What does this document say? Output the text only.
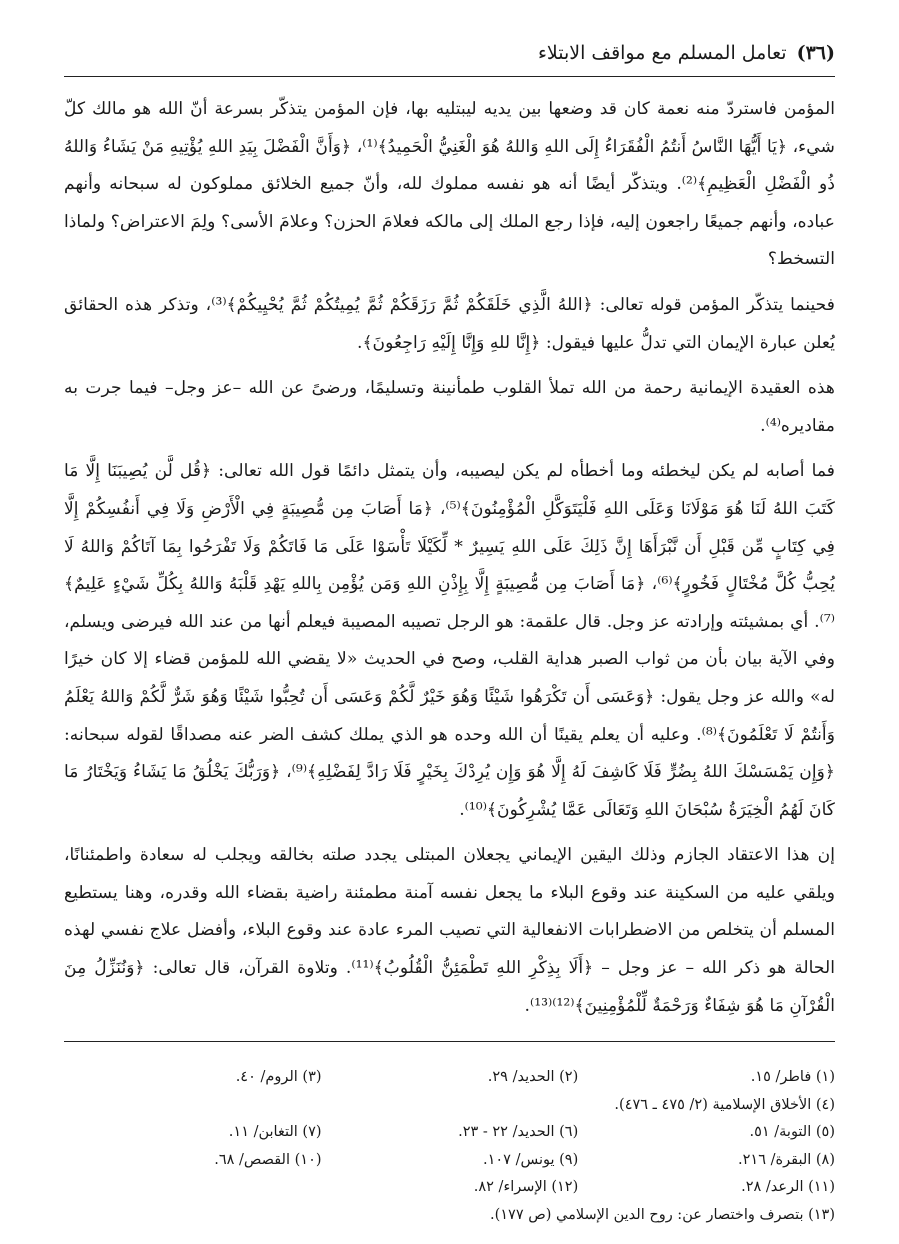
(٣٦)
تعامل المسلم مع مواقف الابتلاء

المؤمن فاستردّ منه نعمة كان قد وضعها بين يديه ليبتليه بها، فإن المؤمن يتذكّر بسرعة أنّ الله هو مالك كلّ شيء، ﴿يَا أَيُّهَا النَّاسُ أَنتُمُ الْفُقَرَاءُ إِلَى اللهِ وَاللهُ هُوَ الْغَنِيُّ الْحَمِيدُ﴾⁽¹⁾، ﴿وَأَنَّ الْفَضْلَ بِيَدِ اللهِ يُؤْتِيهِ مَنْ يَشَاءُ وَاللهُ ذُو الْفَضْلِ الْعَظِيمِ﴾⁽²⁾. ويتذكّر أيضًا أنه هو نفسه مملوك لله، وأنّ جميع الخلائق مملوكون له سبحانه وأنهم عباده، وأنهم جميعًا راجعون إليه، فإذا رجع الملك إلى مالكه فعلامَ الحزن؟ وعلامَ الأسى؟ ولِمَ الاعتراض؟ ولماذا التسخط؟

فحينما يتذكّر المؤمن قوله تعالى: ﴿اللهُ الَّذِي خَلَقَكُمْ ثُمَّ رَزَقَكُمْ ثُمَّ يُمِيتُكُمْ ثُمَّ يُحْيِيكُمْ﴾⁽³⁾، وتذكر هذه الحقائق يُعلن عبارة الإيمان التي تدلُّ عليها فيقول: ﴿إِنَّا للهِ وَإِنَّا إِلَيْهِ رَاجِعُونَ﴾.

هذه العقيدة الإيمانية رحمة من الله تملأ القلوب طمأنينة وتسليمًا، ورضىً عن الله –عز وجل– فيما جرت به مقاديره⁽⁴⁾.

فما أصابه لم يكن ليخطئه وما أخطأه لم يكن ليصيبه، وأن يتمثل دائمًا قول الله تعالى: ﴿قُل لَّن يُصِيبَنَا إِلَّا مَا كَتَبَ اللهُ لَنَا هُوَ مَوْلَانَا وَعَلَى اللهِ فَلْيَتَوَكَّلِ الْمُؤْمِنُونَ﴾⁽⁵⁾، ﴿مَا أَصَابَ مِن مُّصِيبَةٍ فِي الْأَرْضِ وَلَا فِي أَنفُسِكُمْ إِلَّا فِي كِتَابٍ مِّن قَبْلِ أَن نَّبْرَأَهَا إِنَّ ذَلِكَ عَلَى اللهِ يَسِيرٌ * لِّكَيْلَا تَأْسَوْا عَلَى مَا فَاتَكُمْ وَلَا تَفْرَحُوا بِمَا آتَاكُمْ وَاللهُ لَا يُحِبُّ كُلَّ مُخْتَالٍ فَخُورٍ﴾⁽⁶⁾، ﴿مَا أَصَابَ مِن مُّصِيبَةٍ إِلَّا بِإِذْنِ اللهِ وَمَن يُؤْمِن بِاللهِ يَهْدِ قَلْبَهُ وَاللهُ بِكُلِّ شَيْءٍ عَلِيمٌ﴾⁽⁷⁾. أي بمشيئته وإرادته عز وجل. قال علقمة: هو الرجل تصيبه المصيبة فيعلم أنها من عند الله فيرضى ويسلم، وفي الآية بيان بأن من ثواب الصبر هداية القلب، وصح في الحديث «لا يقضي الله للمؤمن قضاء إلا كان خيرًا له» والله عز وجل يقول: ﴿وَعَسَى أَن تَكْرَهُوا شَيْئًا وَهُوَ خَيْرٌ لَّكُمْ وَعَسَى أَن تُحِبُّوا شَيْئًا وَهُوَ شَرٌّ لَّكُمْ وَاللهُ يَعْلَمُ وَأَنتُمْ لَا تَعْلَمُونَ﴾⁽⁸⁾. وعليه أن يعلم يقينًا أن الله وحده هو الذي يملك كشف الضر عنه مصداقًا لقوله سبحانه: ﴿وَإِن يَمْسَسْكَ اللهُ بِضُرٍّ فَلَا كَاشِفَ لَهُ إِلَّا هُوَ وَإِن يُرِدْكَ بِخَيْرٍ فَلَا رَادَّ لِفَضْلِهِ﴾⁽⁹⁾، ﴿وَرَبُّكَ يَخْلُقُ مَا يَشَاءُ وَيَخْتَارُ مَا كَانَ لَهُمُ الْخِيَرَةُ سُبْحَانَ اللهِ وَتَعَالَى عَمَّا يُشْرِكُونَ﴾⁽¹⁰⁾.

إن هذا الاعتقاد الجازم وذلك اليقين الإيماني يجعلان المبتلى يجدد صلته بخالقه ويجلب له سعادة واطمئنانًا، ويلقي عليه من السكينة عند وقوع البلاء ما يجعل نفسه آمنة مطمئنة راضية بقضاء الله وقدره، وهنا يستطيع المسلم أن يتخلص من الاضطرابات الانفعالية التي تصيب المرء عادة عند وقوع البلاء، وأفضل علاج نفسي لهذه الحالة هو ذكر الله – عز وجل – ﴿أَلَا بِذِكْرِ اللهِ تَطْمَئِنُّ الْقُلُوبُ﴾⁽¹¹⁾. وتلاوة القرآن، قال تعالى: ﴿وَنُنَزِّلُ مِنَ الْقُرْآنِ مَا هُوَ شِفَاءٌ وَرَحْمَةٌ لِّلْمُؤْمِنِينَ﴾⁽¹²⁾⁽¹³⁾.

(١) فاطر/ ١٥.
(٢) الحديد/ ٢٩.
(٣) الروم/ ٤٠.
(٤) الأخلاق الإسلامية (٢/ ٤٧٥ ـ ٤٧٦).
(٥) التوبة/ ٥١.
(٦) الحديد/ ٢٢ - ٢٣.
(٧) التغابن/ ١١.
(٨) البقرة/ ٢١٦.
(٩) يونس/ ١٠٧.
(١٠) القصص/ ٦٨.
(١١) الرعد/ ٢٨.
(١٢) الإسراء/ ٨٢.
(١٣) بتصرف واختصار عن: روح الدين الإسلامي (ص ١٧٧).
